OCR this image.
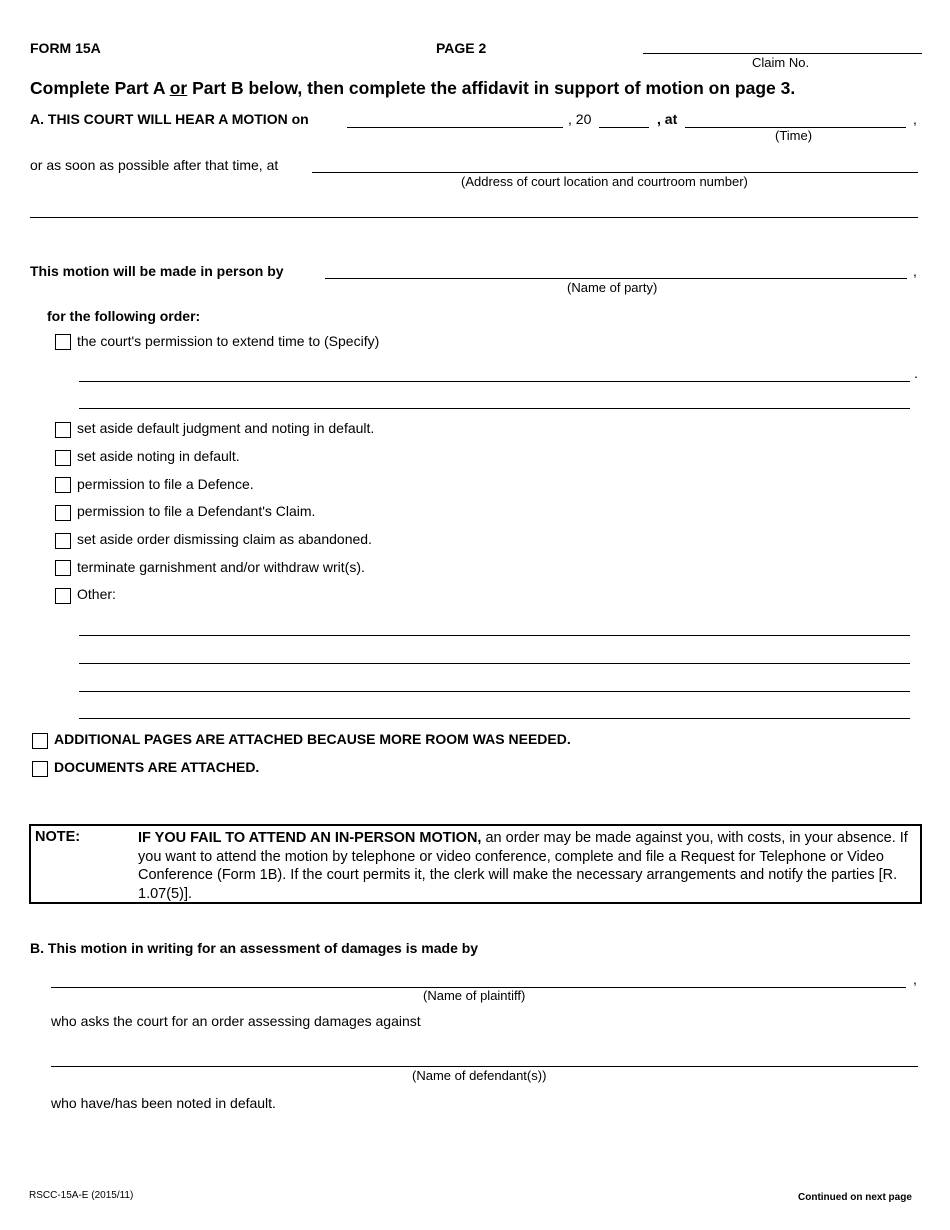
FORM 15A	PAGE 2
Claim No.
Complete Part A or Part B below, then complete the affidavit in support of motion on page 3.
A. THIS COURT WILL HEAR A MOTION on	, 20	, at	,
(Time)
or as soon as possible after that time, at
(Address of court location and courtroom number)
This motion will be made in person by	,
(Name of party)
for the following order:
the court's permission to extend time to (Specify)
.
set aside default judgment and noting in default.
set aside noting in default.
permission to file a Defence.
permission to file a Defendant's Claim.
set aside order dismissing claim as abandoned.
terminate garnishment and/or withdraw writ(s).
Other:
ADDITIONAL PAGES ARE ATTACHED BECAUSE MORE ROOM WAS NEEDED.
DOCUMENTS ARE ATTACHED.
NOTE:	IF YOU FAIL TO ATTEND AN IN-PERSON MOTION, an order may be made against you, with costs, in your absence. If you want to attend the motion by telephone or video conference, complete and file a Request for Telephone or Video Conference (Form 1B). If the court permits it, the clerk will make the necessary arrangements and notify the parties [R. 1.07(5)].
B. This motion in writing for an assessment of damages is made by
,
(Name of plaintiff)
who asks the court for an order assessing damages against
(Name of defendant(s))
who have/has been noted in default.
RSCC-15A-E (2015/11)	Continued on next page
